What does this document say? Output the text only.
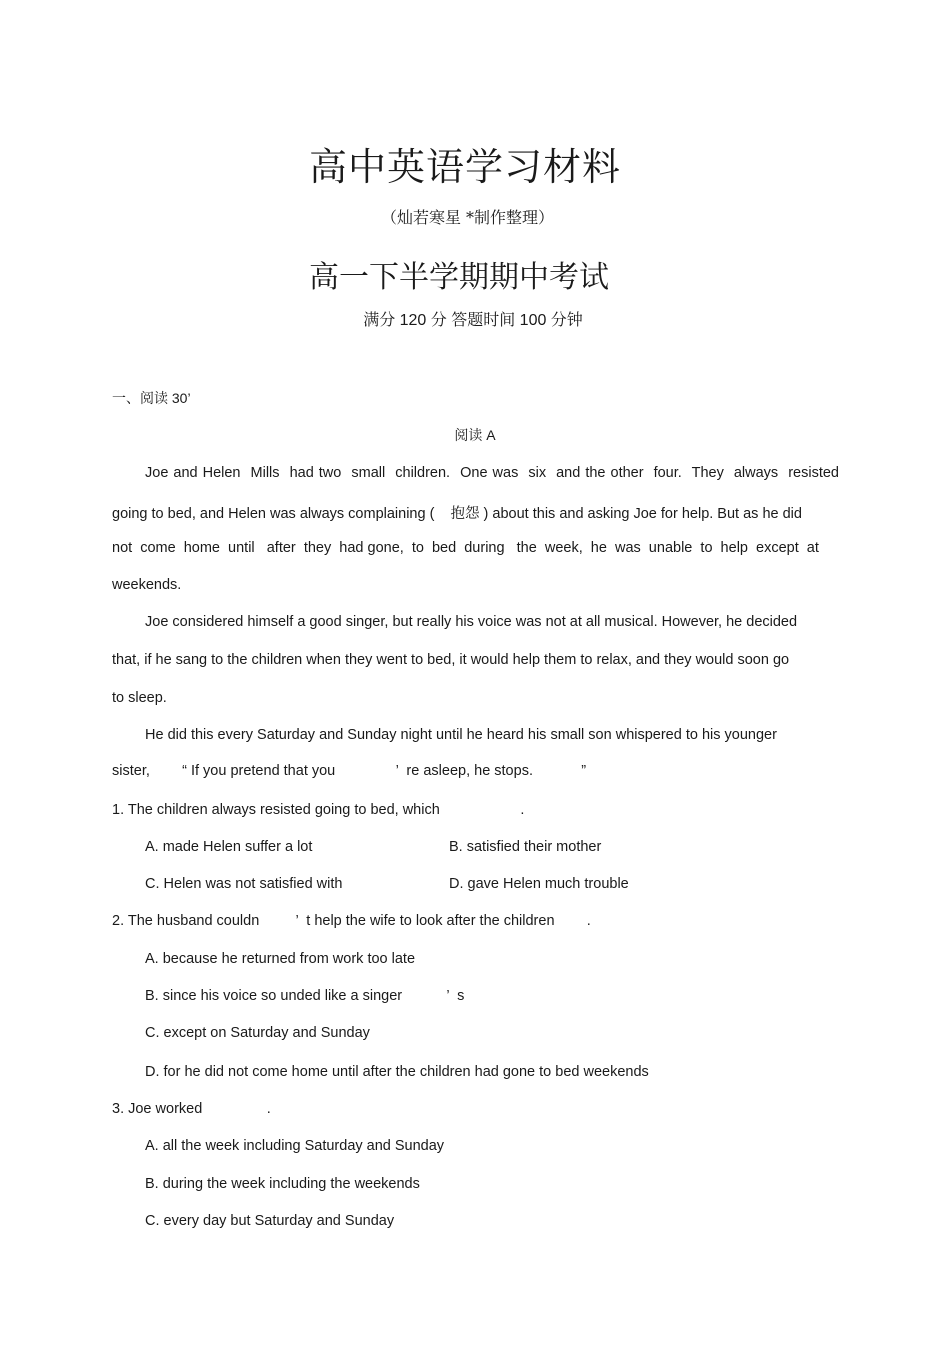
高中英语学习材料
（灿若寒星 *制作整理）
高一下半学期期中考试
满分 120 分 答题时间 100 分钟
一、阅读 30’
阅读 A
Joe and Helen  Mills  had two  small  children.  One was  six  and the other  four.  They  always  resisted
going to bed, and Helen was always complaining (    抱怨 ) about this and asking Joe for help. But as he did
not  come  home  until   after  they  had gone,  to  bed  during   the  week,  he  was  unable  to  help  except  at
weekends.
Joe considered himself a good singer, but really his voice was not at all musical. However, he decided
that, if he sang to the children when they went to bed, it would help them to relax, and they would soon go
to sleep.
He did this every Saturday and Sunday night until he heard his small son whispered to his younger
sister,        “ If you pretend that you               ’  re asleep, he stops.            ”
1. The children always resisted going to bed, which                    .
A. made Helen suffer a lot	B. satisfied their mother
C. Helen was not satisfied with	D. gave Helen much trouble
2. The husband couldn         ’  t help the wife to look after the children        .
A. because he returned from work too late
B. since his voice so unded like a singer           ’  s
C. except on Saturday and Sunday
D. for he did not come home until after the children had gone to bed weekends
3. Joe worked                .
A. all the week including Saturday and Sunday
B. during the week including the weekends
C. every day but Saturday and Sunday
